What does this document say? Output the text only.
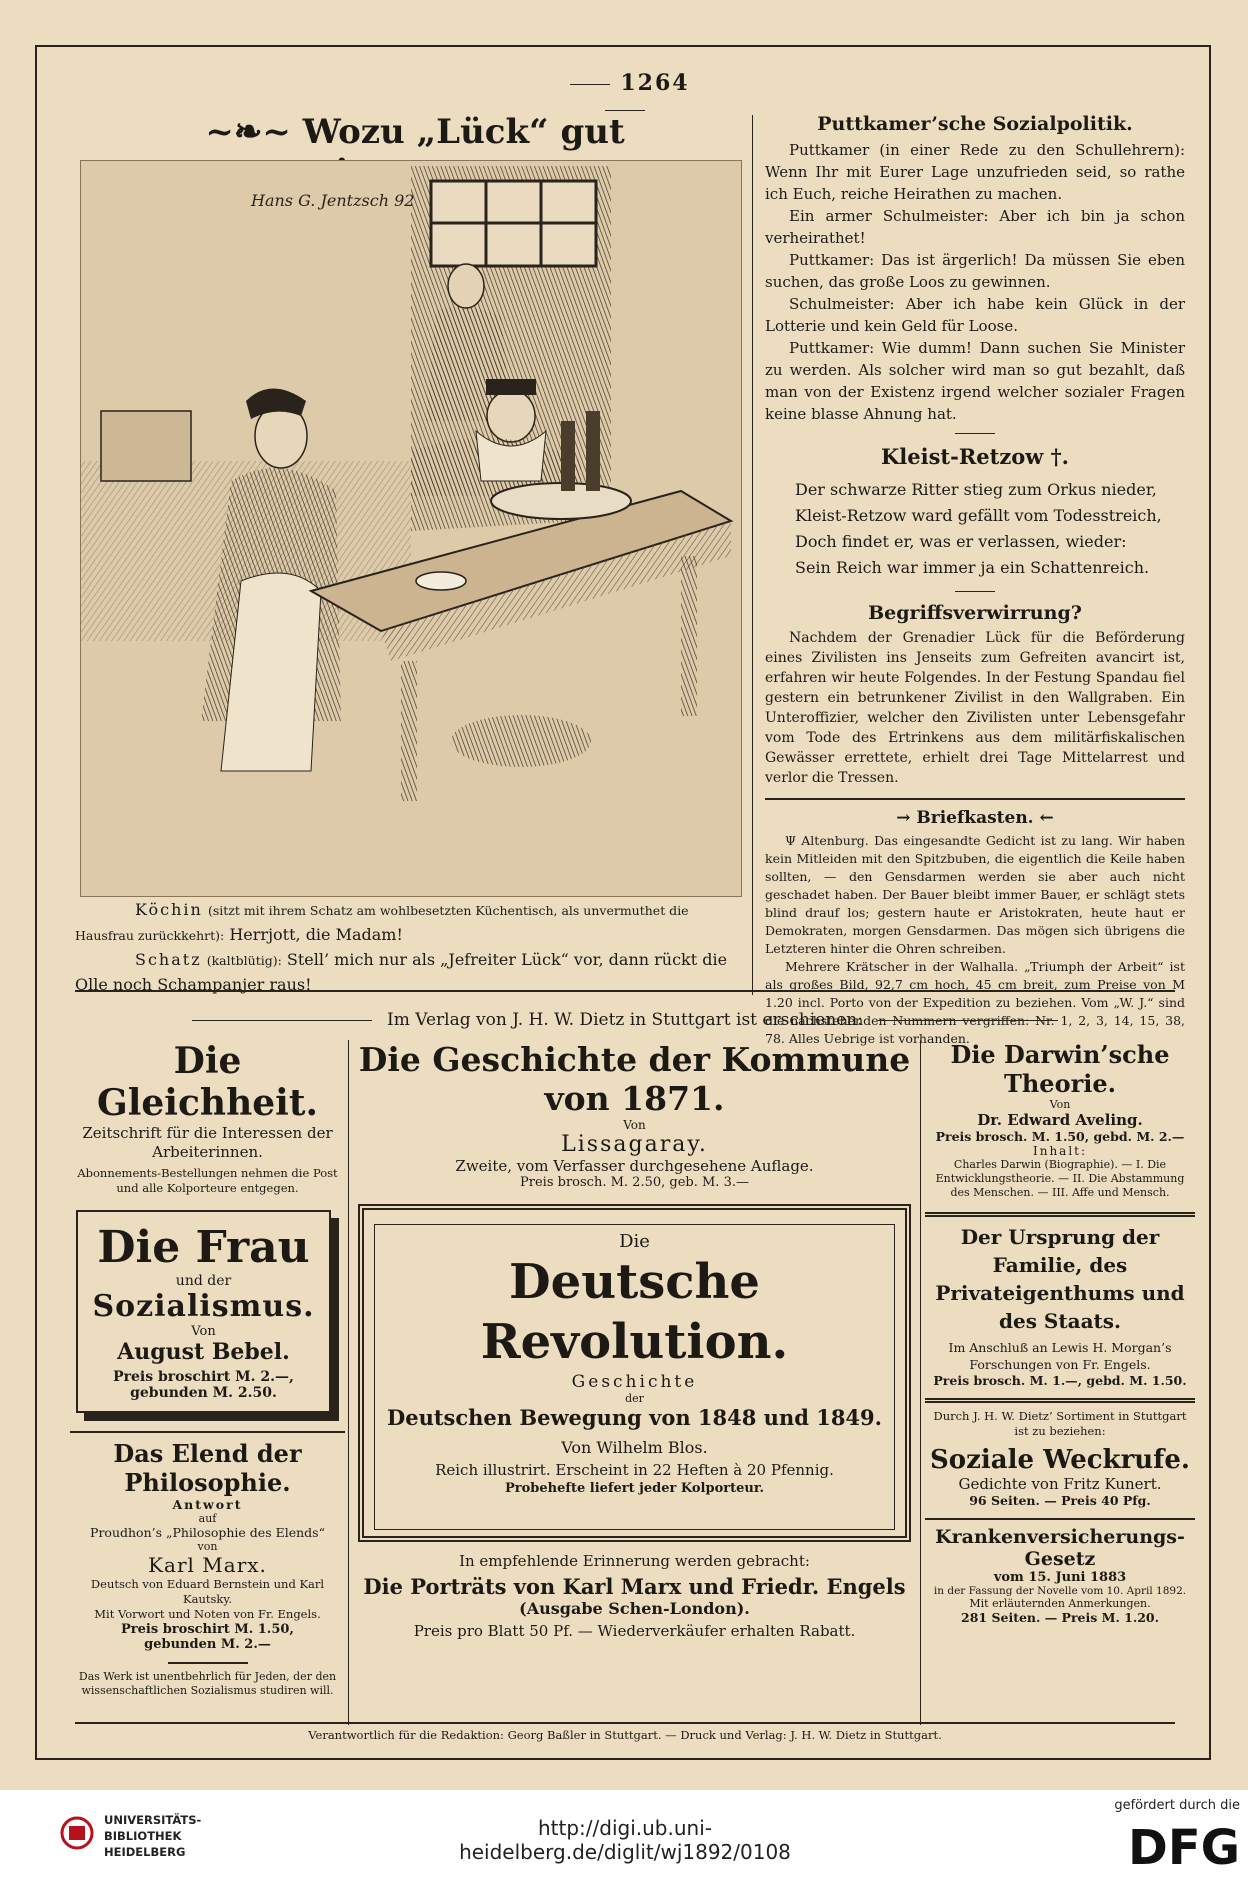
1264
~❧~ Wozu „Lück“ gut
Hans G. Jentzsch 92
Köchin (sitzt mit ihrem Schatz am wohlbesetzten Küchentisch, als unvermuthet die Hausfrau zurückkehrt): Herrjott, die Madam!
Schatz (kaltblütig): Stell’ mich nur als „Jefreiter Lück“ vor, dann rückt die Olle noch Schampanjer raus!
Puttkamer’sche Sozialpolitik.
Puttkamer (in einer Rede zu den Schullehrern): Wenn Ihr mit Eurer Lage unzufrieden seid, so rathe ich Euch, reiche Heirathen zu machen.
Ein armer Schulmeister: Aber ich bin ja schon verheirathet!
Puttkamer: Das ist ärgerlich! Da müssen Sie eben suchen, das große Loos zu gewinnen.
Schulmeister: Aber ich habe kein Glück in der Lotterie und kein Geld für Loose.
Puttkamer: Wie dumm! Dann suchen Sie Minister zu werden. Als solcher wird man so gut bezahlt, daß man von der Existenz irgend welcher sozialer Fragen keine blasse Ahnung hat.
Kleist-Retzow †.
Der schwarze Ritter stieg zum Orkus nieder,
Kleist-Retzow ward gefällt vom Todesstreich,
Doch findet er, was er verlassen, wieder:
Sein Reich war immer ja ein Schattenreich.
Begriffsverwirrung?
Nachdem der Grenadier Lück für die Beförderung eines Zivilisten ins Jenseits zum Gefreiten avancirt ist, erfahren wir heute Folgendes. In der Festung Spandau fiel gestern ein betrunkener Zivilist in den Wallgraben. Ein Unteroffizier, welcher den Zivilisten unter Lebensgefahr vom Tode des Ertrinkens aus dem militärfiskalischen Gewässer errettete, erhielt drei Tage Mittelarrest und verlor die Tressen.
→ Briefkasten. ←
Ψ Altenburg. Das eingesandte Gedicht ist zu lang. Wir haben kein Mitleiden mit den Spitzbuben, die eigentlich die Keile haben sollten, — den Gensdarmen werden sie aber auch nicht geschadet haben. Der Bauer bleibt immer Bauer, er schlägt stets blind drauf los; gestern haute er Aristokraten, heute haut er Demokraten, morgen Gensdarmen. Das mögen sich übrigens die Letzteren hinter die Ohren schreiben.
Mehrere Krätscher in der Walhalla. „Triumph der Arbeit“ ist als großes Bild, 92,7 cm hoch, 45 cm breit, zum Preise von M 1.20 incl. Porto von der Expedition zu beziehen. Vom „W. J.“ sind die nachstehenden Nummern vergriffen: Nr. 1, 2, 3, 14, 15, 38, 78. Alles Uebrige ist vorhanden.
Im Verlag von J. H. W. Dietz in Stuttgart ist erschienen:
Die Gleichheit.
Zeitschrift für die Interessen der Arbeiterinnen.
Abonnements-Bestellungen nehmen die Post und alle Kolporteure entgegen.
Die Frau
und der
Sozialismus.
Von
August Bebel.
Preis broschirt M. 2.—,
gebunden M. 2.50.
Das Elend der Philosophie.
Antwort
auf
Proudhon’s „Philosophie des Elends“
von
Karl Marx.
Deutsch von Eduard Bernstein und Karl Kautsky.
Mit Vorwort und Noten von Fr. Engels.
Preis broschirt M. 1.50,
gebunden M. 2.—
Das Werk ist unentbehrlich für Jeden, der den wissenschaftlichen Sozialismus studiren will.
Die Geschichte der Kommune von 1871.
Von
Lissagaray.
Zweite, vom Verfasser durchgesehene Auflage.
Preis brosch. M. 2.50, geb. M. 3.—
Die
Deutsche Revolution.
Geschichte
der
Deutschen Bewegung von 1848 und 1849.
Von Wilhelm Blos.
Reich illustrirt. Erscheint in 22 Heften à 20 Pfennig.
Probehefte liefert jeder Kolporteur.
In empfehlende Erinnerung werden gebracht:
Die Porträts von Karl Marx und Friedr. Engels
(Ausgabe Schen-London).
Preis pro Blatt 50 Pf. — Wiederverkäufer erhalten Rabatt.
Die Darwin’sche Theorie.
Von
Dr. Edward Aveling.
Preis brosch. M. 1.50, gebd. M. 2.—
Inhalt:
Charles Darwin (Biographie). — I. Die Entwicklungstheorie. — II. Die Abstammung des Menschen. — III. Affe und Mensch.
Der Ursprung der Familie, des Privateigenthums und des Staats.
Im Anschluß an Lewis H. Morgan’s Forschungen von Fr. Engels.
Preis brosch. M. 1.—, gebd. M. 1.50.
Durch J. H. W. Dietz’ Sortiment in Stuttgart ist zu beziehen:
Soziale Weckrufe.
Gedichte von Fritz Kunert.
96 Seiten. — Preis 40 Pfg.
Krankenversicherungs-Gesetz
vom 15. Juni 1883
in der Fassung der Novelle vom 10. April 1892.
Mit erläuternden Anmerkungen.
281 Seiten. — Preis M. 1.20.
Verantwortlich für die Redaktion: Georg Baßler in Stuttgart. — Druck und Verlag: J. H. W. Dietz in Stuttgart.
UNIVERSITÄTS-
BIBLIOTHEK
HEIDELBERG
http://digi.ub.uni-heidelberg.de/diglit/wj1892/0108
gefördert durch die
DFG
